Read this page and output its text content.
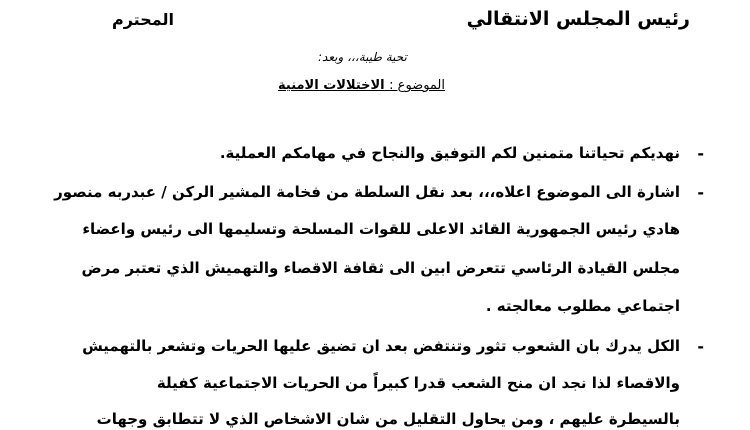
رئيس المجلس الانتقالي
المحترم
تحية طيبة،،، وبعد:
الموضوع : الاختلالات الامنية
-
نهديكم تحياتنا متمنين لكم التوفيق والنجاح في مهامكم العملية.
-
اشارة الى الموضوع اعلاه،،، بعد نقل السلطة من فخامة المشير الركن / عبدربه منصور
هادي رئيس الجمهورية القائد الاعلى للقوات المسلحة وتسليمها الى رئيس واعضاء
مجلس القيادة الرئاسي تتعرض ابين الى ثقافة الاقصاء والتهميش الذي تعتبر مرض
اجتماعي مطلوب معالجته .
-
الكل يدرك بان الشعوب تثور وتنتفض بعد ان تضيق عليها الحريات وتشعر بالتهميش
والاقصاء لذا نجد ان منح الشعب قدرا كبيراً من الحريات الاجتماعية كفيلة
بالسيطرة عليهم ، ومن يحاول التقليل من شان الاشخاص الذي لا تتطابق وجهات
